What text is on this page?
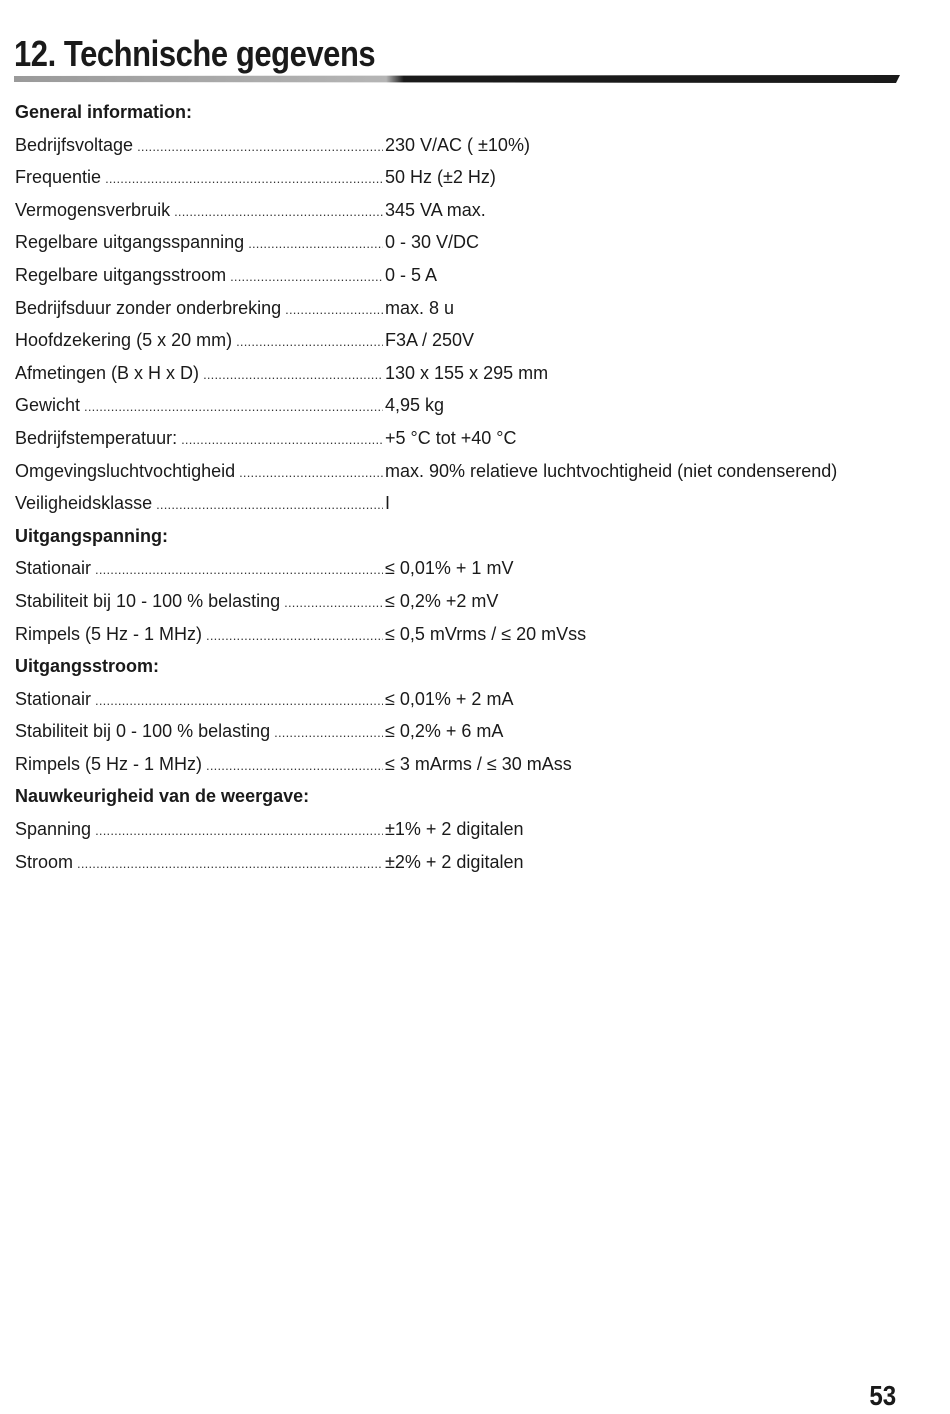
12. Technische gegevens
General information:
Bedrijfsvoltage .....	230 V/AC ( ±10%)
Frequentie .....	50 Hz (±2 Hz)
Vermogensverbruik .....	345 VA max.
Regelbare uitgangsspanning .....	0 - 30 V/DC
Regelbare uitgangsstroom .....	0 - 5 A
Bedrijfsduur zonder onderbreking .....	max. 8 u
Hoofdzekering (5 x 20 mm) .....	F3A / 250V
Afmetingen (B x H x D) .....	130 x 155 x 295 mm
Gewicht .....	4,95 kg
Bedrijfstemperatuur: .....	+5 °C tot +40 °C
Omgevingsluchtvochtigheid .....	max. 90% relatieve luchtvochtigheid (niet condenserend)
Veiligheidsklasse .....	I
Uitgangspanning:
Stationair .....	≤ 0,01% + 1 mV
Stabiliteit bij 10 - 100 % belasting .....	≤ 0,2% +2 mV
Rimpels (5 Hz - 1 MHz) .....	≤ 0,5 mVrms / ≤ 20 mVss
Uitgangsstroom:
Stationair .....	≤ 0,01% + 2 mA
Stabiliteit bij 0 - 100 % belasting .....	≤ 0,2% + 6 mA
Rimpels (5 Hz - 1 MHz) .....	≤ 3 mArms / ≤ 30 mAss
Nauwkeurigheid van de weergave:
Spanning .....	±1% + 2 digitalen
Stroom .....	±2% + 2 digitalen
53
